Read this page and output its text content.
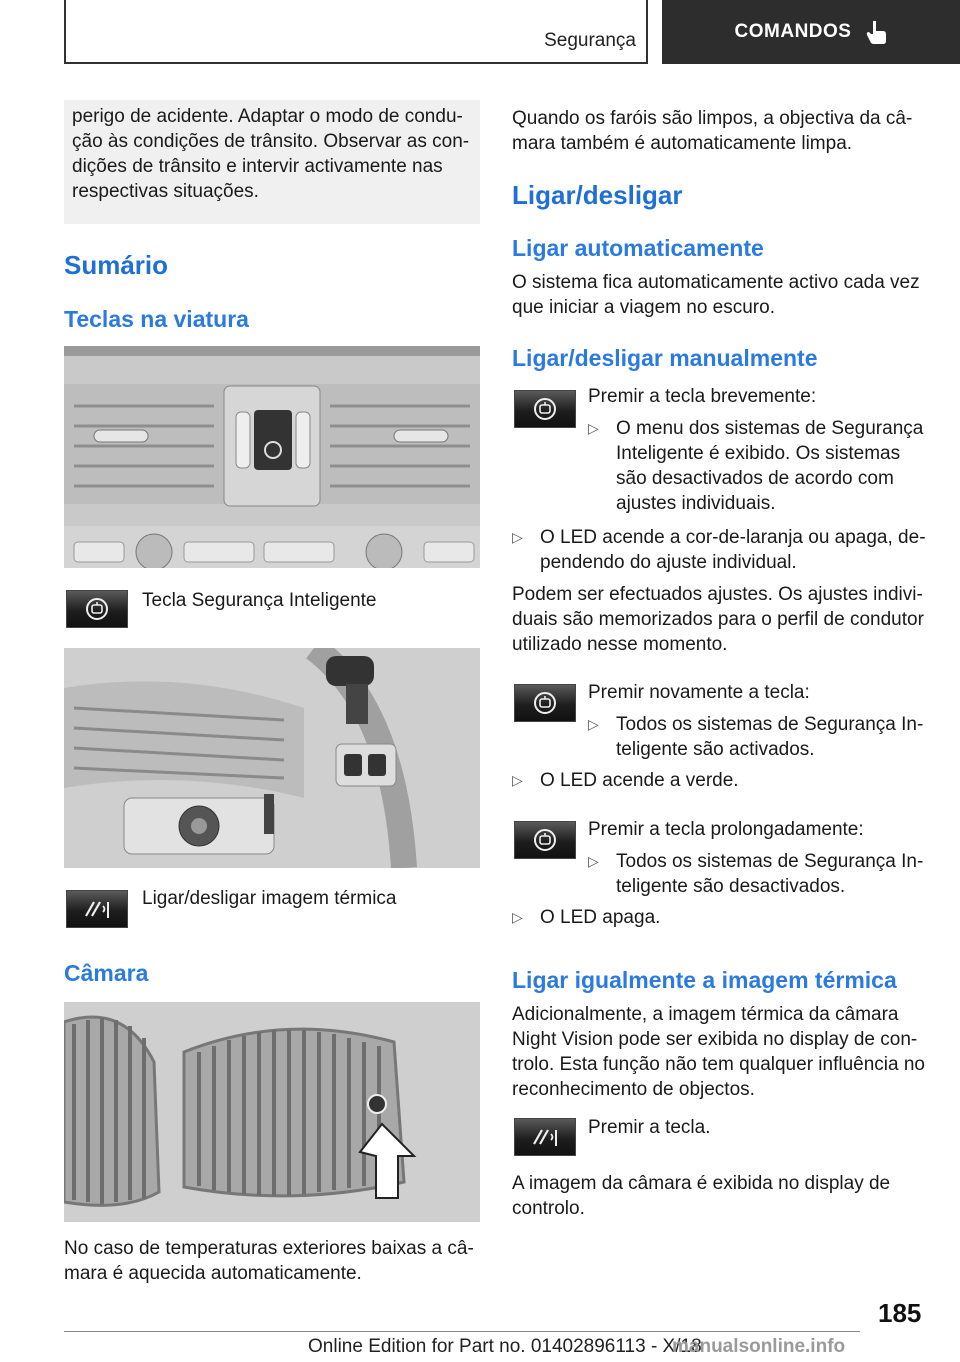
Segurança	COMANDOS

perigo de acidente. Adaptar o modo de condução às condições de trânsito. Observar as condições de trânsito e intervir activamente nas respectivas situações.

Sumário
Teclas na viatura
Tecla Segurança Inteligente
Ligar/desligar imagem térmica
Câmara

No caso de temperaturas exteriores baixas a câmara é aquecida automaticamente.

Quando os faróis são limpos, a objectiva da câmara também é automaticamente limpa.

Ligar/desligar
Ligar automaticamente

O sistema fica automaticamente activo cada vez que iniciar a viagem no escuro.

Ligar/desligar manualmente
Premir a tecla brevemente:
▷ O menu dos sistemas de Segurança Inteligente é exibido. Os sistemas são desactivados de acordo com ajustes individuais.

▷ O LED acende a cor-de-laranja ou apaga, dependendo do ajuste individual.

Podem ser efectuados ajustes. Os ajustes individuais são memorizados para o perfil de condutor utilizado nesse momento.

Premir novamente a tecla:
▷ Todos os sistemas de Segurança Inteligente são activados.

▷ O LED acende a verde.

Premir a tecla prolongadamente:
▷ Todos os sistemas de Segurança Inteligente são desactivados.

▷ O LED apaga.

Ligar igualmente a imagem térmica

Adicionalmente, a imagem térmica da câmara Night Vision pode ser exibida no display de controlo. Esta função não tem qualquer influência no reconhecimento de objectos.

Premir a tecla.

A imagem da câmara é exibida no display de controlo.

185
Online Edition for Part no. 01402896113 - X/18
manualsonline.info
